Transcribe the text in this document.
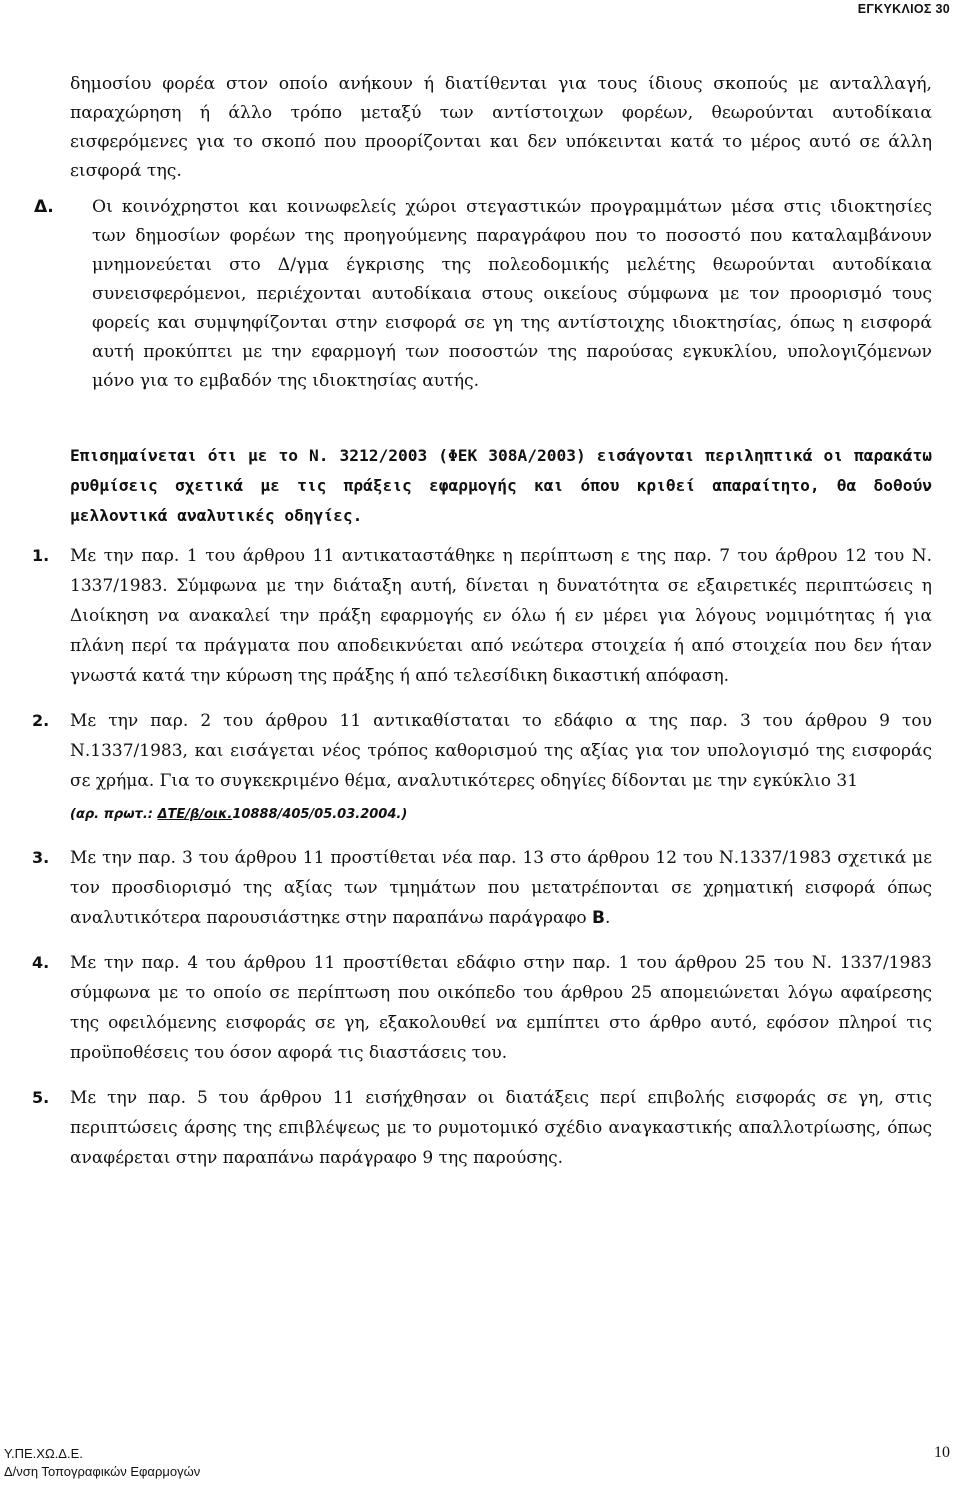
ΕΓΚΥΚΛΙΟΣ 30

δημοσίου φορέα στον οποίο ανήκουν ή διατίθενται για τους ίδιους σκοπούς με ανταλλαγή, παραχώρηση ή άλλο τρόπο μεταξύ των αντίστοιχων φορέων, θεωρούνται αυτοδίκαια εισφερόμενες για το σκοπό που προορίζονται και δεν υπόκεινται κατά το μέρος αυτό σε άλλη εισφορά της.

Δ. Οι κοινόχρηστοι και κοινωφελείς χώροι στεγαστικών προγραμμάτων μέσα στις ιδιοκτησίες των δημοσίων φορέων της προηγούμενης παραγράφου που το ποσοστό που καταλαμβάνουν μνημονεύεται στο Δ/γμα έγκρισης της πολεοδομικής μελέτης θεωρούνται αυτοδίκαια συνεισφερόμενοι, περιέχονται αυτοδίκαια στους οικείους σύμφωνα με τον προορισμό τους φορείς και συμψηφίζονται στην εισφορά σε γη της αντίστοιχης ιδιοκτησίας, όπως η εισφορά αυτή προκύπτει με την εφαρμογή των ποσοστών της παρούσας εγκυκλίου, υπολογιζόμενων μόνο για το εμβαδόν της ιδιοκτησίας αυτής.

Επισημαίνεται ότι με το Ν. 3212/2003 (ΦΕΚ 308Α/2003) εισάγονται περιληπτικά οι παρακάτω ρυθμίσεις σχετικά με τις πράξεις εφαρμογής και όπου κριθεί απαραίτητο, θα δοθούν μελλοντικά αναλυτικές οδηγίες.

1. Με την παρ. 1 του άρθρου 11 αντικαταστάθηκε η περίπτωση ε της παρ. 7 του άρθρου 12 του Ν. 1337/1983. Σύμφωνα με την διάταξη αυτή, δίνεται η δυνατότητα σε εξαιρετικές περιπτώσεις η Διοίκηση να ανακαλεί την πράξη εφαρμογής εν όλω ή εν μέρει για λόγους νομιμότητας ή για πλάνη περί τα πράγματα που αποδεικνύεται από νεώτερα στοιχεία ή από στοιχεία που δεν ήταν γνωστά κατά την κύρωση της πράξης ή από τελεσίδικη δικαστική απόφαση.
2. Με την παρ. 2 του άρθρου 11 αντικαθίσταται το εδάφιο α της παρ. 3 του άρθρου 9 του Ν.1337/1983, και εισάγεται νέος τρόπος καθορισμού της αξίας για τον υπολογισμό της εισφοράς σε χρήμα. Για το συγκεκριμένο θέμα, αναλυτικότερες οδηγίες δίδονται με την εγκύκλιο 31

(αρ. πρωτ.: ΔΤΕ/β/οικ.10888/405/05.03.2004.)

3. Με την παρ. 3 του άρθρου 11 προστίθεται νέα παρ. 13 στο άρθρου 12 του Ν.1337/1983 σχετικά με τον προσδιορισμό της αξίας των τμημάτων που μετατρέπονται σε χρηματική εισφορά όπως αναλυτικότερα παρουσιάστηκε στην παραπάνω παράγραφο Β.
4. Με την παρ. 4 του άρθρου 11 προστίθεται εδάφιο στην παρ. 1 του άρθρου 25 του Ν. 1337/1983 σύμφωνα με το οποίο σε περίπτωση που οικόπεδο του άρθρου 25 απομειώνεται λόγω αφαίρεσης της οφειλόμενης εισφοράς σε γη, εξακολουθεί να εμπίπτει στο άρθρο αυτό, εφόσον πληροί τις προϋποθέσεις του όσον αφορά τις διαστάσεις του.
5. Με την παρ. 5 του άρθρου 11 εισήχθησαν οι διατάξεις περί επιβολής εισφοράς σε γη, στις περιπτώσεις άρσης της επιβλέψεως με το ρυμοτομικό σχέδιο αναγκαστικής απαλλοτρίωσης, όπως αναφέρεται στην παραπάνω παράγραφο 9 της παρούσης.
Υ.ΠΕ.ΧΩ.Δ.Ε.
Δ/νση Τοπογραφικών Εφαρμογών
10
